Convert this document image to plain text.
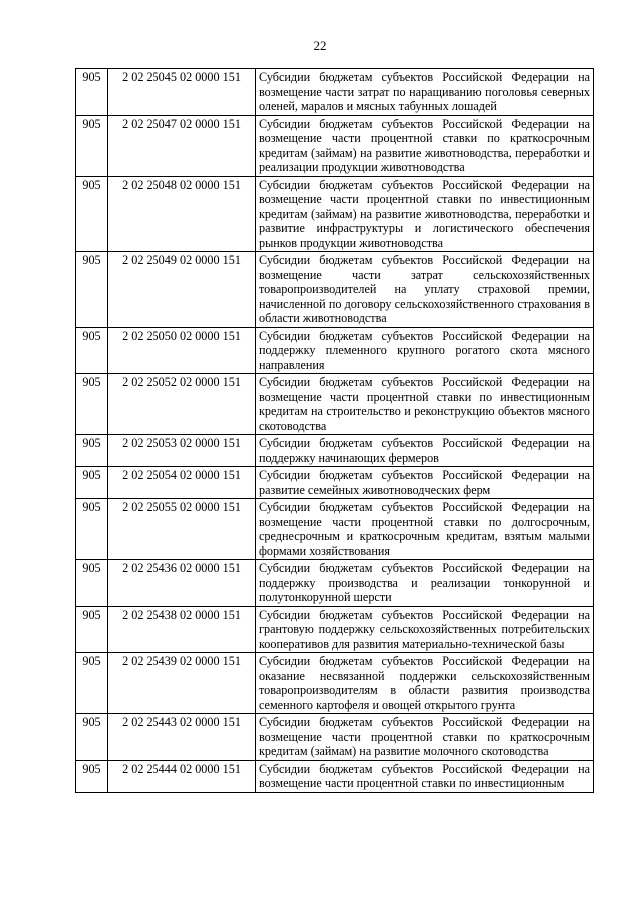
22
905	2 02 25045 02 0000 151	Субсидии бюджетам субъектов Российской Федерации на возмещение части затрат по наращиванию поголовья северных оленей, маралов и мясных табунных лошадей
905	2 02 25047 02 0000 151	Субсидии бюджетам субъектов Российской Федерации на возмещение части процентной ставки по краткосрочным кредитам (займам) на развитие животноводства, переработки и реализации продукции животноводства
905	2 02 25048 02 0000 151	Субсидии бюджетам субъектов Российской Федерации на возмещение части процентной ставки по инвестиционным кредитам (займам) на развитие животноводства, переработки и развитие инфраструктуры и логистического обеспечения рынков продукции животноводства
905	2 02 25049 02 0000 151	Субсидии бюджетам субъектов Российской Федерации на возмещение части затрат сельскохозяйственных товаропроизводителей на уплату страховой премии, начисленной по договору сельскохозяйственного страхования в области животноводства
905	2 02 25050 02 0000 151	Субсидии бюджетам субъектов Российской Федерации на поддержку племенного крупного рогатого скота мясного направления
905	2 02 25052 02 0000 151	Субсидии бюджетам субъектов Российской Федерации на возмещение части процентной ставки по инвестиционным кредитам на строительство и реконструкцию объектов мясного скотоводства
905	2 02 25053 02 0000 151	Субсидии бюджетам субъектов Российской Федерации на поддержку начинающих фермеров
905	2 02 25054 02 0000 151	Субсидии бюджетам субъектов Российской Федерации на развитие семейных животноводческих ферм
905	2 02 25055 02 0000 151	Субсидии бюджетам субъектов Российской Федерации на возмещение части процентной ставки по долгосрочным, среднесрочным и краткосрочным кредитам, взятым малыми формами хозяйствования
905	2 02 25436 02 0000 151	Субсидии бюджетам субъектов Российской Федерации на поддержку производства и реализации тонкорунной и полутонкорунной шерсти
905	2 02 25438 02 0000 151	Субсидии бюджетам субъектов Российской Федерации на грантовую поддержку сельскохозяйственных потребительских кооперативов для развития материально-технической базы
905	2 02 25439 02 0000 151	Субсидии бюджетам субъектов Российской Федерации на оказание несвязанной поддержки сельскохозяйственным товаропроизводителям в области развития производства семенного картофеля и овощей открытого грунта
905	2 02 25443 02 0000 151	Субсидии бюджетам субъектов Российской Федерации на возмещение части процентной ставки по краткосрочным кредитам (займам) на развитие молочного скотоводства
905	2 02 25444 02 0000 151	Субсидии бюджетам субъектов Российской Федерации на возмещение части процентной ставки по инвестиционным
